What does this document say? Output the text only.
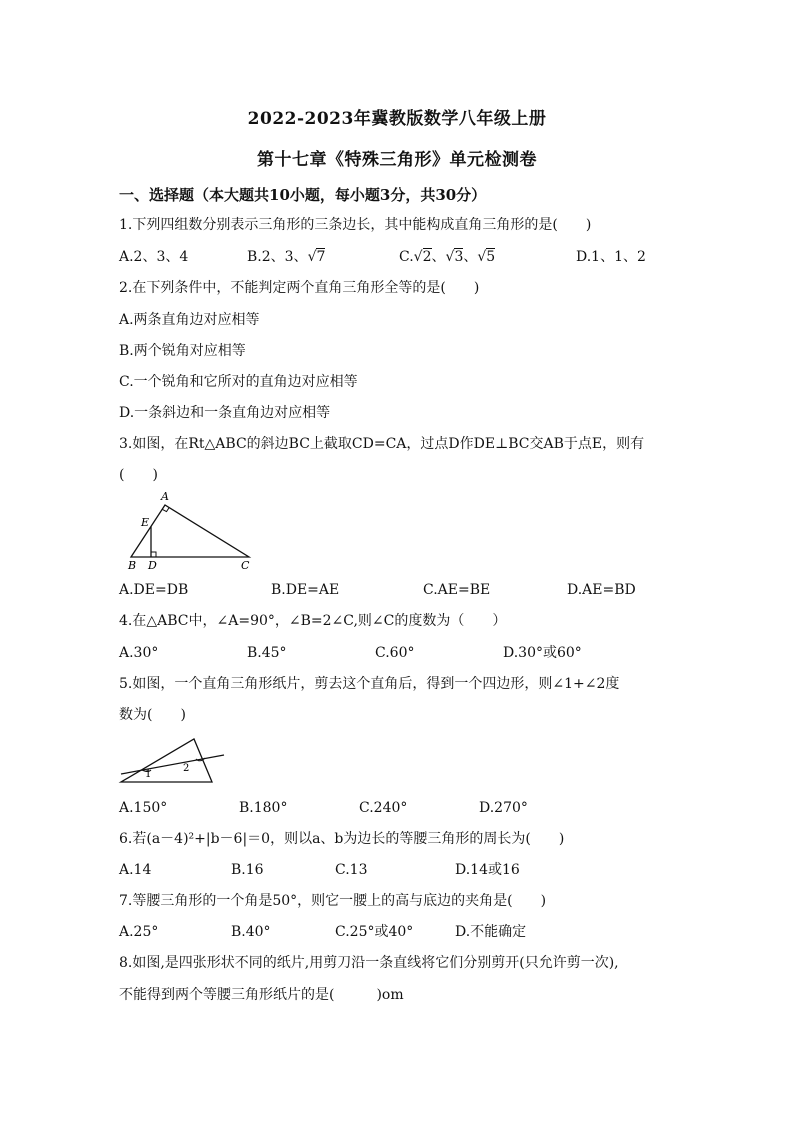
2022-2023年冀教版数学八年级上册
第十七章《特殊三角形》单元检测卷
一、选择题（本大题共10小题，每小题3分，共30分）
1.下列四组数分别表示三角形的三条边长，其中能构成直角三角形的是(　　)
A.2、3、4	B.2、3、√7	C.√2、√3、√5	D.1、1、2
2.在下列条件中，不能判定两个直角三角形全等的是(　　)
A.两条直角边对应相等
B.两个锐角对应相等
C.一个锐角和它所对的直角边对应相等
D.一条斜边和一条直角边对应相等
3.如图，在Rt△ABC的斜边BC上截取CD=CA，过点D作DE⊥BC交AB于点E，则有
(　　)
A
E
B D	C
A.DE=DB	B.DE=AE	C.AE=BE	D.AE=BD
4.在△ABC中，∠A=90°，∠B=2∠C,则∠C的度数为（　　）
A.30°	B.45°	C.60°	D.30°或60°
5.如图，一个直角三角形纸片，剪去这个直角后，得到一个四边形，则∠1+∠2度
数为(　　)
1
2
A.150°	B.180°	C.240°	D.270°
6.若(a－4)²+|b－6|＝0，则以a、b为边长的等腰三角形的周长为(　　)
A.14	B.16	C.13	D.14或16
7.等腰三角形的一个角是50°，则它一腰上的高与底边的夹角是(　　)
A.25°	B.40°	C.25°或40°	D.不能确定
8.如图,是四张形状不同的纸片,用剪刀沿一条直线将它们分别剪开(只允许剪一次),
不能得到两个等腰三角形纸片的是(　　　)om
